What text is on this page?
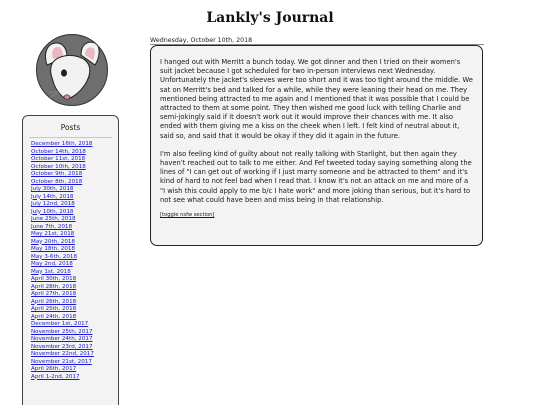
Lankly's Journal
Posts
December 16th, 2018
October 14th, 2018
October 11st, 2018
October 10th, 2018
October 9th, 2018
October 8th, 2018
July 30th, 2018
July 14th, 2018
July 12nd, 2018
July 10th, 2018
June 25th, 2018
June 7th, 2018
May 21st, 2018
May 20th, 2018
May 18th, 2018
May 3-6th, 2018
May 2nd, 2018
May 1st, 2018
April 30th, 2018
April 28th, 2018
April 27th, 2018
April 26th, 2018
April 25th, 2018
April 24th, 2018
December 1st, 2017
November 25th, 2017
November 24th, 2017
November 23rd, 2017
November 22nd, 2017
November 21st, 2017
April 26th, 2017
April 1-2nd, 2017
Wednesday, October 10th, 2018

I hanged out with Merritt a bunch today. We got dinner and then I tried on their women's suit jacket because I got scheduled for two in-person interviews next Wednesday. Unfortunately the jacket's sleeves were too short and it was too tight around the middle. We sat on Merritt's bed and talked for a while, while they were leaning their head on me. They mentioned being attracted to me again and I mentioned that it was possible that I could be attracted to them at some point. They then wished me good luck with telling Charlie and semi-jokingly said if it doesn't work out it would improve their chances with me. It also ended with them giving me a kiss on the cheek when I left. I felt kind of neutral about it, said so, and said that it would be okay if they did it again in the future.

I'm also feeling kind of guilty about not really talking with Starlight, but then again they haven't reached out to talk to me either. And Fef tweeted today saying something along the lines of "I can get out of working if I just marry someone and be attracted to them" and it's kind of hard to not feel bad when I read that. I know it's not an attack on me and more of a "I wish this could apply to me b/c I hate work" and more joking than serious, but it's hard to not see what could have been and miss being in that relationship.

[toggle nsfw section]
